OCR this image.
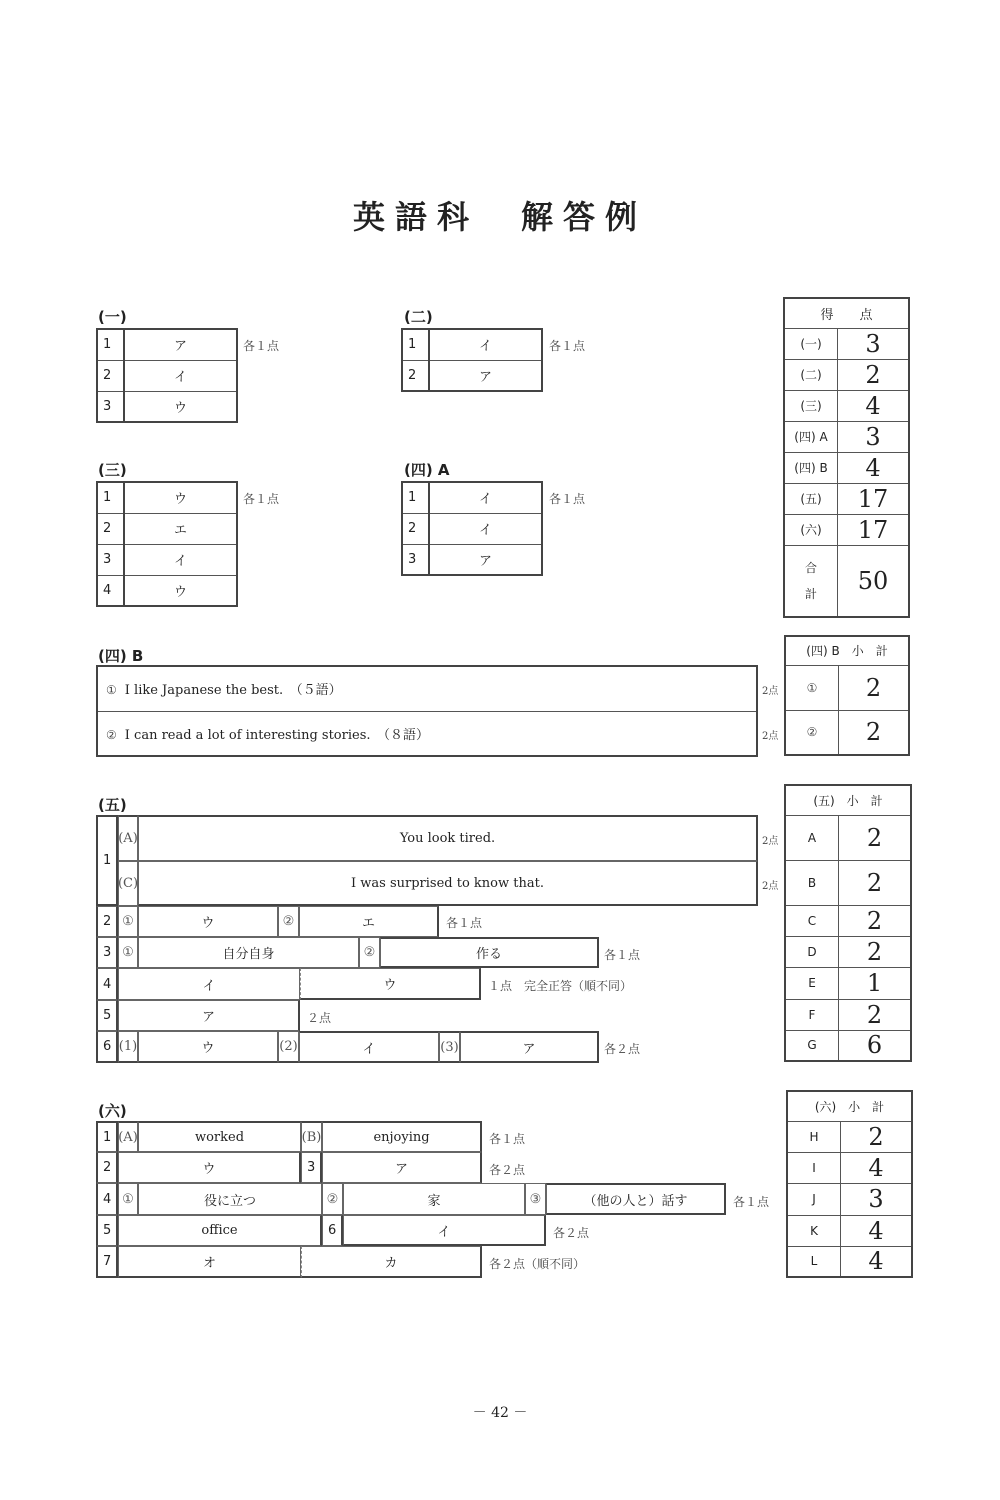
英語科　解答例
(一)
1	ア
2	イ
3	ウ
各１点
(二)
1	イ
2	ア
各１点
(三)
1	ウ
2	エ
3	イ
4	ウ
各１点
(四) A
1	イ
2	イ
3	ア
各１点
得　　点	
(一)	3
(二)	2
(三)	4
(四) A	3
(四) B	4
(五)	17
(六)	17

合
計	50
(四) B
① I like Japanese the best.　（５語）
② I can read a lot of interesting stories.　（８語）
2点
2点
(四) B　小　計	
①	2
②	2
(五)
1
(A)	You look tired.
(C)	I was surprised to know that.
2 ①	ウ	②	エ
3 ①	自分自身	②	作る
4	イ	ウ
5	ア
6 (1)	ウ	(2)	イ	(3)	ア
2点
2点
各１点
各１点
１点　完全正答（順不同）
２点
各２点
(五)　小　計	
A	2
B	2
C	2
D	2
E	1
F	2
G	6
(六)
1 (A)	worked	(B)	enjoying
2	ウ	3	ア
4 ①	役に立つ	②	家	③	（他の人と）話す
5	office	6	イ
7	オ	カ
各１点
各２点
各１点
各２点
各２点（順不同）
(六)　小　計	
H	2
I	4
J	3
K	4
L	4
－ 42 －
